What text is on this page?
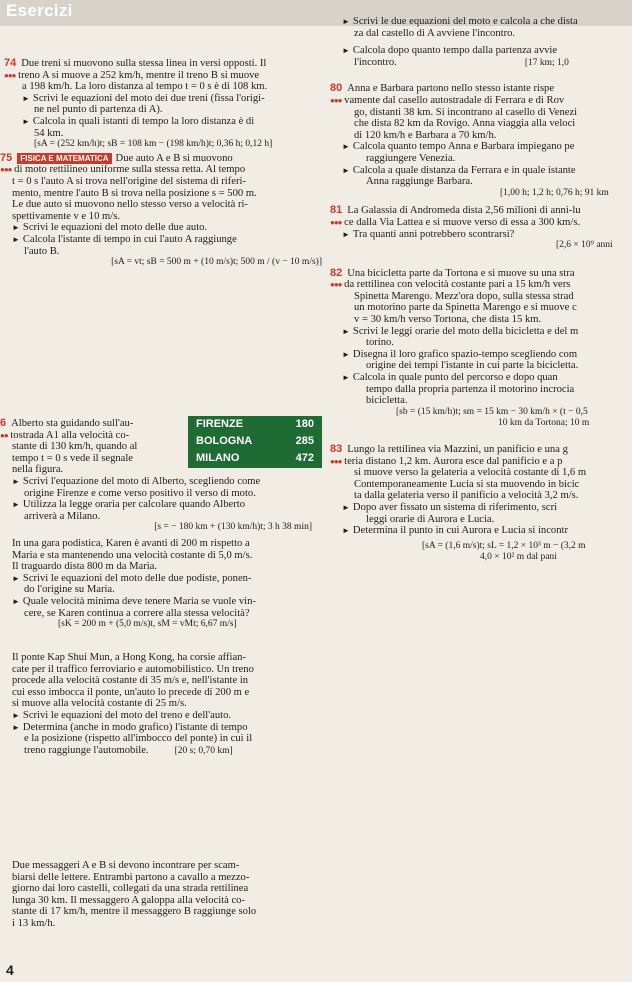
Esercizi

74 Due treni si muovono sulla stessa linea in versi opposti. Il

●●● treno A si muove a 252 km/h, mentre il treno B si muove

a 198 km/h. La loro distanza al tempo t = 0 s è di 108 km.

► Scrivi le equazioni del moto dei due treni (fissa l'origi-

ne nel punto di partenza di A).

► Calcola in quali istanti di tempo la loro distanza è di

54 km.

[sA = (252 km/h)t; sB = 108 km − (198 km/h)t; 0,36 h; 0,12 h]

75 FISICA E MATEMATICA Due auto A e B si muovono

●●● di moto rettilineo uniforme sulla stessa retta. Al tempo

t = 0 s l'auto A si trova nell'origine del sistema di riferi-

mento, mentre l'auto B si trova nella posizione s = 500 m.

Le due auto si muovono nello stesso verso a velocità ri-

spettivamente v e 10 m/s.

► Scrivi le equazioni del moto delle due auto.

► Calcola l'istante di tempo in cui l'auto A raggiunge

l'auto B.

[sA = vt; sB = 500 m + (10 m/s)t; 500 m / (v − 10 m/s)]

6 Alberto sta guidando sull'au-

●● tostrada A1 alla velocità co-

stante di 130 km/h, quando al

tempo t = 0 s vede il segnale

nella figura.

► Scrivi l'equazione del moto di Alberto, scegliendo come

origine Firenze e come verso positivo il verso di moto.

► Utilizza la legge oraria per calcolare quando Alberto

arriverà a Milano.

[s = − 180 km + (130 km/h)t; 3 h 38 min]

FIRENZE	180
BOLOGNA	285
MILANO	472

In una gara podistica, Karen è avanti di 200 m rispetto a

Maria e sta mantenendo una velocità costante di 5,0 m/s.

Il traguardo dista 800 m da Maria.

► Scrivi le equazioni del moto delle due podiste, ponen-

do l'origine su Maria.

► Quale velocità minima deve tenere Maria se vuole vin-

cere, se Karen continua a correre alla stessa velocità?

[sK = 200 m + (5,0 m/s)t, sM = vMt; 6,67 m/s]

Il ponte Kap Shui Mun, a Hong Kong, ha corsie affian-

cate per il traffico ferroviario e automobilistico. Un treno

procede alla velocità costante di 35 m/s e, nell'istante in

cui esso imbocca il ponte, un'auto lo precede di 200 m e

si muove alla velocità costante di 25 m/s.

► Scrivi le equazioni del moto del treno e dell'auto.

► Determina (anche in modo grafico) l'istante di tempo

e la posizione (rispetto all'imbocco del ponte) in cui il

treno raggiunge l'automobile.	[20 s; 0,70 km]

Due messaggeri A e B si devono incontrare per scam-

biarsi delle lettere. Entrambi partono a cavallo a mezzo-

giorno dai loro castelli, collegati da una strada rettilinea

lunga 30 km. Il messaggero A galoppa alla velocità co-

stante di 17 km/h, mentre il messaggero B raggiunge solo

i 13 km/h.

4

► Scrivi le due equazioni del moto e calcola a che dista

za dal castello di A avviene l'incontro.

► Calcola dopo quanto tempo dalla partenza avvie

l'incontro.	[17 km; 1,0

80 Anna e Barbara partono nello stesso istante rispe

●●● vamente dal casello autostradale di Ferrara e di Rov

go, distanti 38 km. Si incontrano al casello di Venezi

che dista 82 km da Rovigo. Anna viaggia alla veloci

di 120 km/h e Barbara a 70 km/h.

► Calcola quanto tempo Anna e Barbara impiegano pe

raggiungere Venezia.

► Calcola a quale distanza da Ferrara e in quale istante

Anna raggiunge Barbara.

[1,00 h; 1,2 h; 0,76 h; 91 km

81 La Galassia di Andromeda dista 2,56 milioni di anni-lu

●●● ce dalla Via Lattea e si muove verso di essa a 300 km/s.

► Tra quanti anni potrebbero scontrarsi?

[2,6 × 10⁹ anni

82 Una bicicletta parte da Tortona e si muove su una stra

●●● da rettilinea con velocità costante pari a 15 km/h vers

Spinetta Marengo. Mezz'ora dopo, sulla stessa strad

un motorino parte da Spinetta Marengo e si muove c

v = 30 km/h verso Tortona, che dista 15 km.

► Scrivi le leggi orarie del moto della bicicletta e del m

torino.

► Disegna il loro grafico spazio-tempo scegliendo com

origine dei tempi l'istante in cui parte la bicicletta.

► Calcola in quale punto del percorso e dopo quan

tempo dalla propria partenza il motorino incrocia

bicicletta.

[sb = (15 km/h)t; sm = 15 km − 30 km/h × (t − 0,5

10 km da Tortona; 10 m

83 Lungo la rettilinea via Mazzini, un panificio e una g

●●● teria distano 1,2 km. Aurora esce dal panificio e a p

si muove verso la gelateria a velocità costante di 1,6 m

Contemporaneamente Lucia si sta muovendo in bicic

ta dalla gelateria verso il panificio a velocità 3,2 m/s.

► Dopo aver fissato un sistema di riferimento, scri

leggi orarie di Aurora e Lucia.

► Determina il punto in cui Aurora e Lucia si incontr

[sA = (1,6 m/s)t; sL = 1,2 × 10³ m − (3,2 m

4,0 × 10² m dal pani
